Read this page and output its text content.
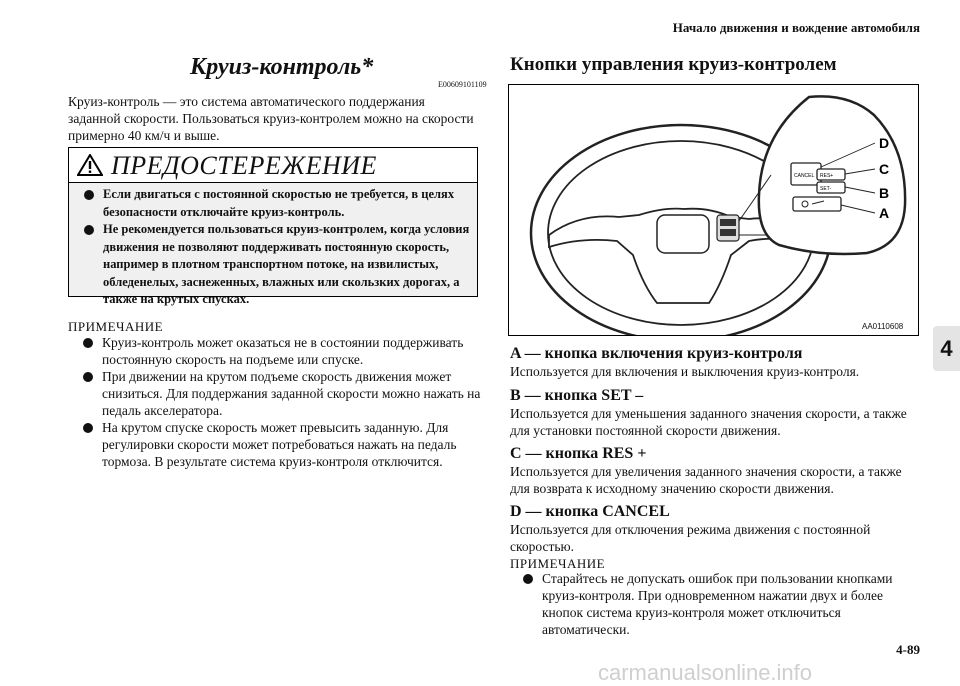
Начало движения и вождение автомобиля
4
Круиз-контроль*
E00609101109
Круиз-контроль — это система автоматического поддержания заданной скорости. Пользоваться круиз-контролем можно на скорости примерно 40 км/ч и выше.
ПРЕДОСТЕРЕЖЕНИЕ
Если двигаться с постоянной скоростью не требуется, в целях безопасности отключайте круиз-контроль.
Не рекомендуется пользоваться круиз-контролем, когда условия движения не позволяют поддерживать постоянную скорость, например в плотном транспортном потоке, на извилистых, обледенелых, заснеженных, влажных или скользких дорогах, а также на крутых спусках.
ПРИМЕЧАНИЕ
Круиз-контроль может оказаться не в состоянии поддерживать постоянную скорость на подъеме или спуске.
При движении на крутом подъеме скорость движения может снизиться. Для поддержания заданной скорости можно нажать на педаль акселератора.
На крутом спуске скорость может превысить заданную. Для регулировки скорости может потребоваться нажать на педаль тормоза. В результате система круиз-контроля отключится.
Кнопки управления круиз-контролем
CANCEL RES+
SET-
D
C
B
A
AA0110608
A — кнопка включения круиз-контроля
Используется для включения и выключения круиз-контроля.
B — кнопка SET –
Используется для уменьшения заданного значения скорости, а также для установки постоянной скорости движения.
C — кнопка RES +
Используется для увеличения заданного значения скорости, а также для возврата к исходному значению скорости движения.
D — кнопка CANCEL
Используется для отключения режима движения с постоянной скоростью.
ПРИМЕЧАНИЕ
Старайтесь не допускать ошибок при пользовании кнопками круиз-контроля. При одновременном нажатии двух и более кнопок система круиз-контроля может отключиться автоматически.
4-89
carmanualsonline.info
